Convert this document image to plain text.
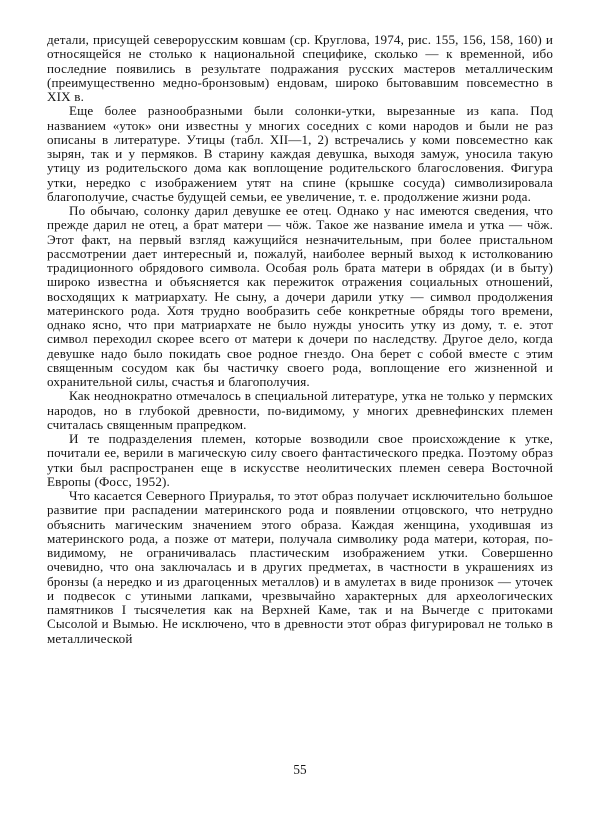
детали, присущей северорусским ковшам (ср. Круглова, 1974, рис. 155, 156, 158, 160) и относящейся не столько к национальной специфике, сколько — к временной, ибо последние появились в результате подражания русских мастеров металлическим (преимущественно медно-бронзовым) ендовам, широко бытовавшим повсеместно в XIX в.

Еще более разнообразными были солонки-утки, вырезанные из капа. Под названием «уток» они известны у многих соседних с коми народов и были не раз описаны в литературе. Утицы (табл. XII—1, 2) встречались у коми повсеместно как зырян, так и у пермяков. В старину каждая девушка, выходя замуж, уносила такую утицу из родительского дома как воплощение родительского благословения. Фигура утки, нередко с изображением утят на спине (крышке сосуда) символизировала благополучие, счастье будущей семьи, ее увеличение, т. е. продолжение жизни рода.

По обычаю, солонку дарил девушке ее отец. Однако у нас имеются сведения, что прежде дарил не отец, а брат матери — чӧж. Такое же название имела и утка — чӧж. Этот факт, на первый взгляд кажущийся незначительным, при более пристальном рассмотрении дает интересный и, пожалуй, наиболее верный выход к истолкованию традиционного обрядового символа. Особая роль брата матери в обрядах (и в быту) широко известна и объясняется как пережиток отражения социальных отношений, восходящих к матриархату. Не сыну, а дочери дарили утку — символ продолжения материнского рода. Хотя трудно вообразить себе конкретные обряды того времени, однако ясно, что при матриархате не было нужды уносить утку из дому, т. е. этот символ переходил скорее всего от матери к дочери по наследству. Другое дело, когда девушке надо было покидать свое родное гнездо. Она берет с собой вместе с этим священным сосудом как бы частичку своего рода, воплощение его жизненной и охранительной силы, счастья и благополучия.

Как неоднократно отмечалось в специальной литературе, утка не только у пермских народов, но в глубокой древности, по-видимому, у многих древнефинских племен считалась священным прапредком.

И те подразделения племен, которые возводили свое происхождение к утке, почитали ее, верили в магическую силу своего фантастического предка. Поэтому образ утки был распространен еще в искусстве неолитических племен севера Восточной Европы (Фосс, 1952).

Что касается Северного Приуралья, то этот образ получает исключительно большое развитие при распадении материнского рода и появлении отцовского, что нетрудно объяснить магическим значением этого образа. Каждая женщина, уходившая из материнского рода, а позже от матери, получала символику рода матери, которая, по-видимому, не ограничивалась пластическим изображением утки. Совершенно очевидно, что она заключалась и в других предметах, в частности в украшениях из бронзы (а нередко и из драгоценных металлов) и в амулетах в виде пронизок — уточек и подвесок с утиными лапками, чрезвычайно характерных для археологических памятников I тысячелетия как на Верхней Каме, так и на Вычегде с притоками Сысолой и Вымью. Не исключено, что в древности этот образ фигурировал не только в металлической

55
